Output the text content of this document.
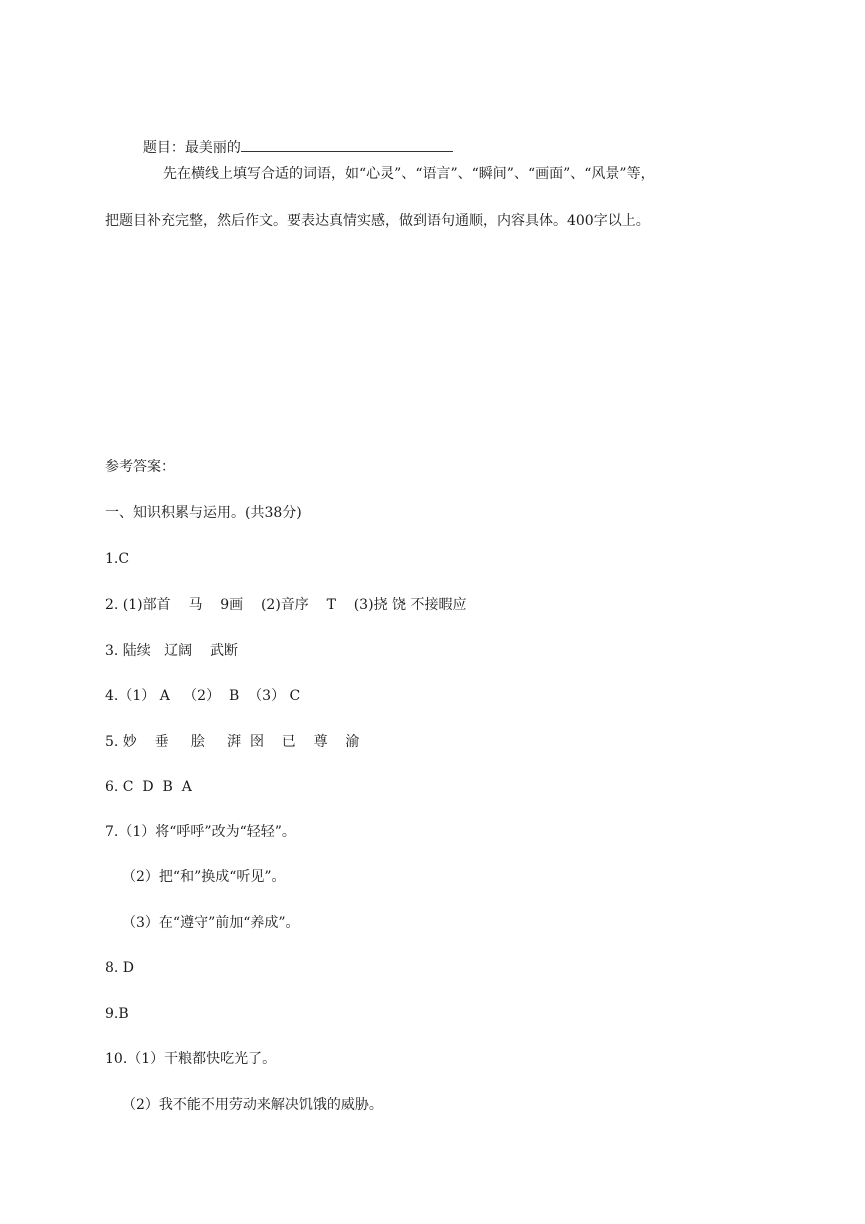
题目：最美丽的

先在横线上填写合适的词语，如“心灵”、“语言”、“瞬间”、“画面”、“风景”等，
把题目补充完整，然后作文。要表达真情实感，做到语句通顺，内容具体。400字以上。
参考答案：
一、知识积累与运用。(共38分)
1.C
2. (1)部首    马    9画    (2)音序    T    (3)挠 饶 不接暇应
3. 陆续   辽阔    武断
4.（1） A   （2）  B  （3） C
5. 妙    垂     脍     湃  囹    已    尊    渝
6. C  D  B  A
7.（1）将“呼呼”改为“轻轻”。
（2）把“和”换成“听见”。
（3）在“遵守”前加“养成”。
8. D
9.B
10.（1）干粮都快吃光了。
（2）我不能不用劳动来解决饥饿的威胁。
